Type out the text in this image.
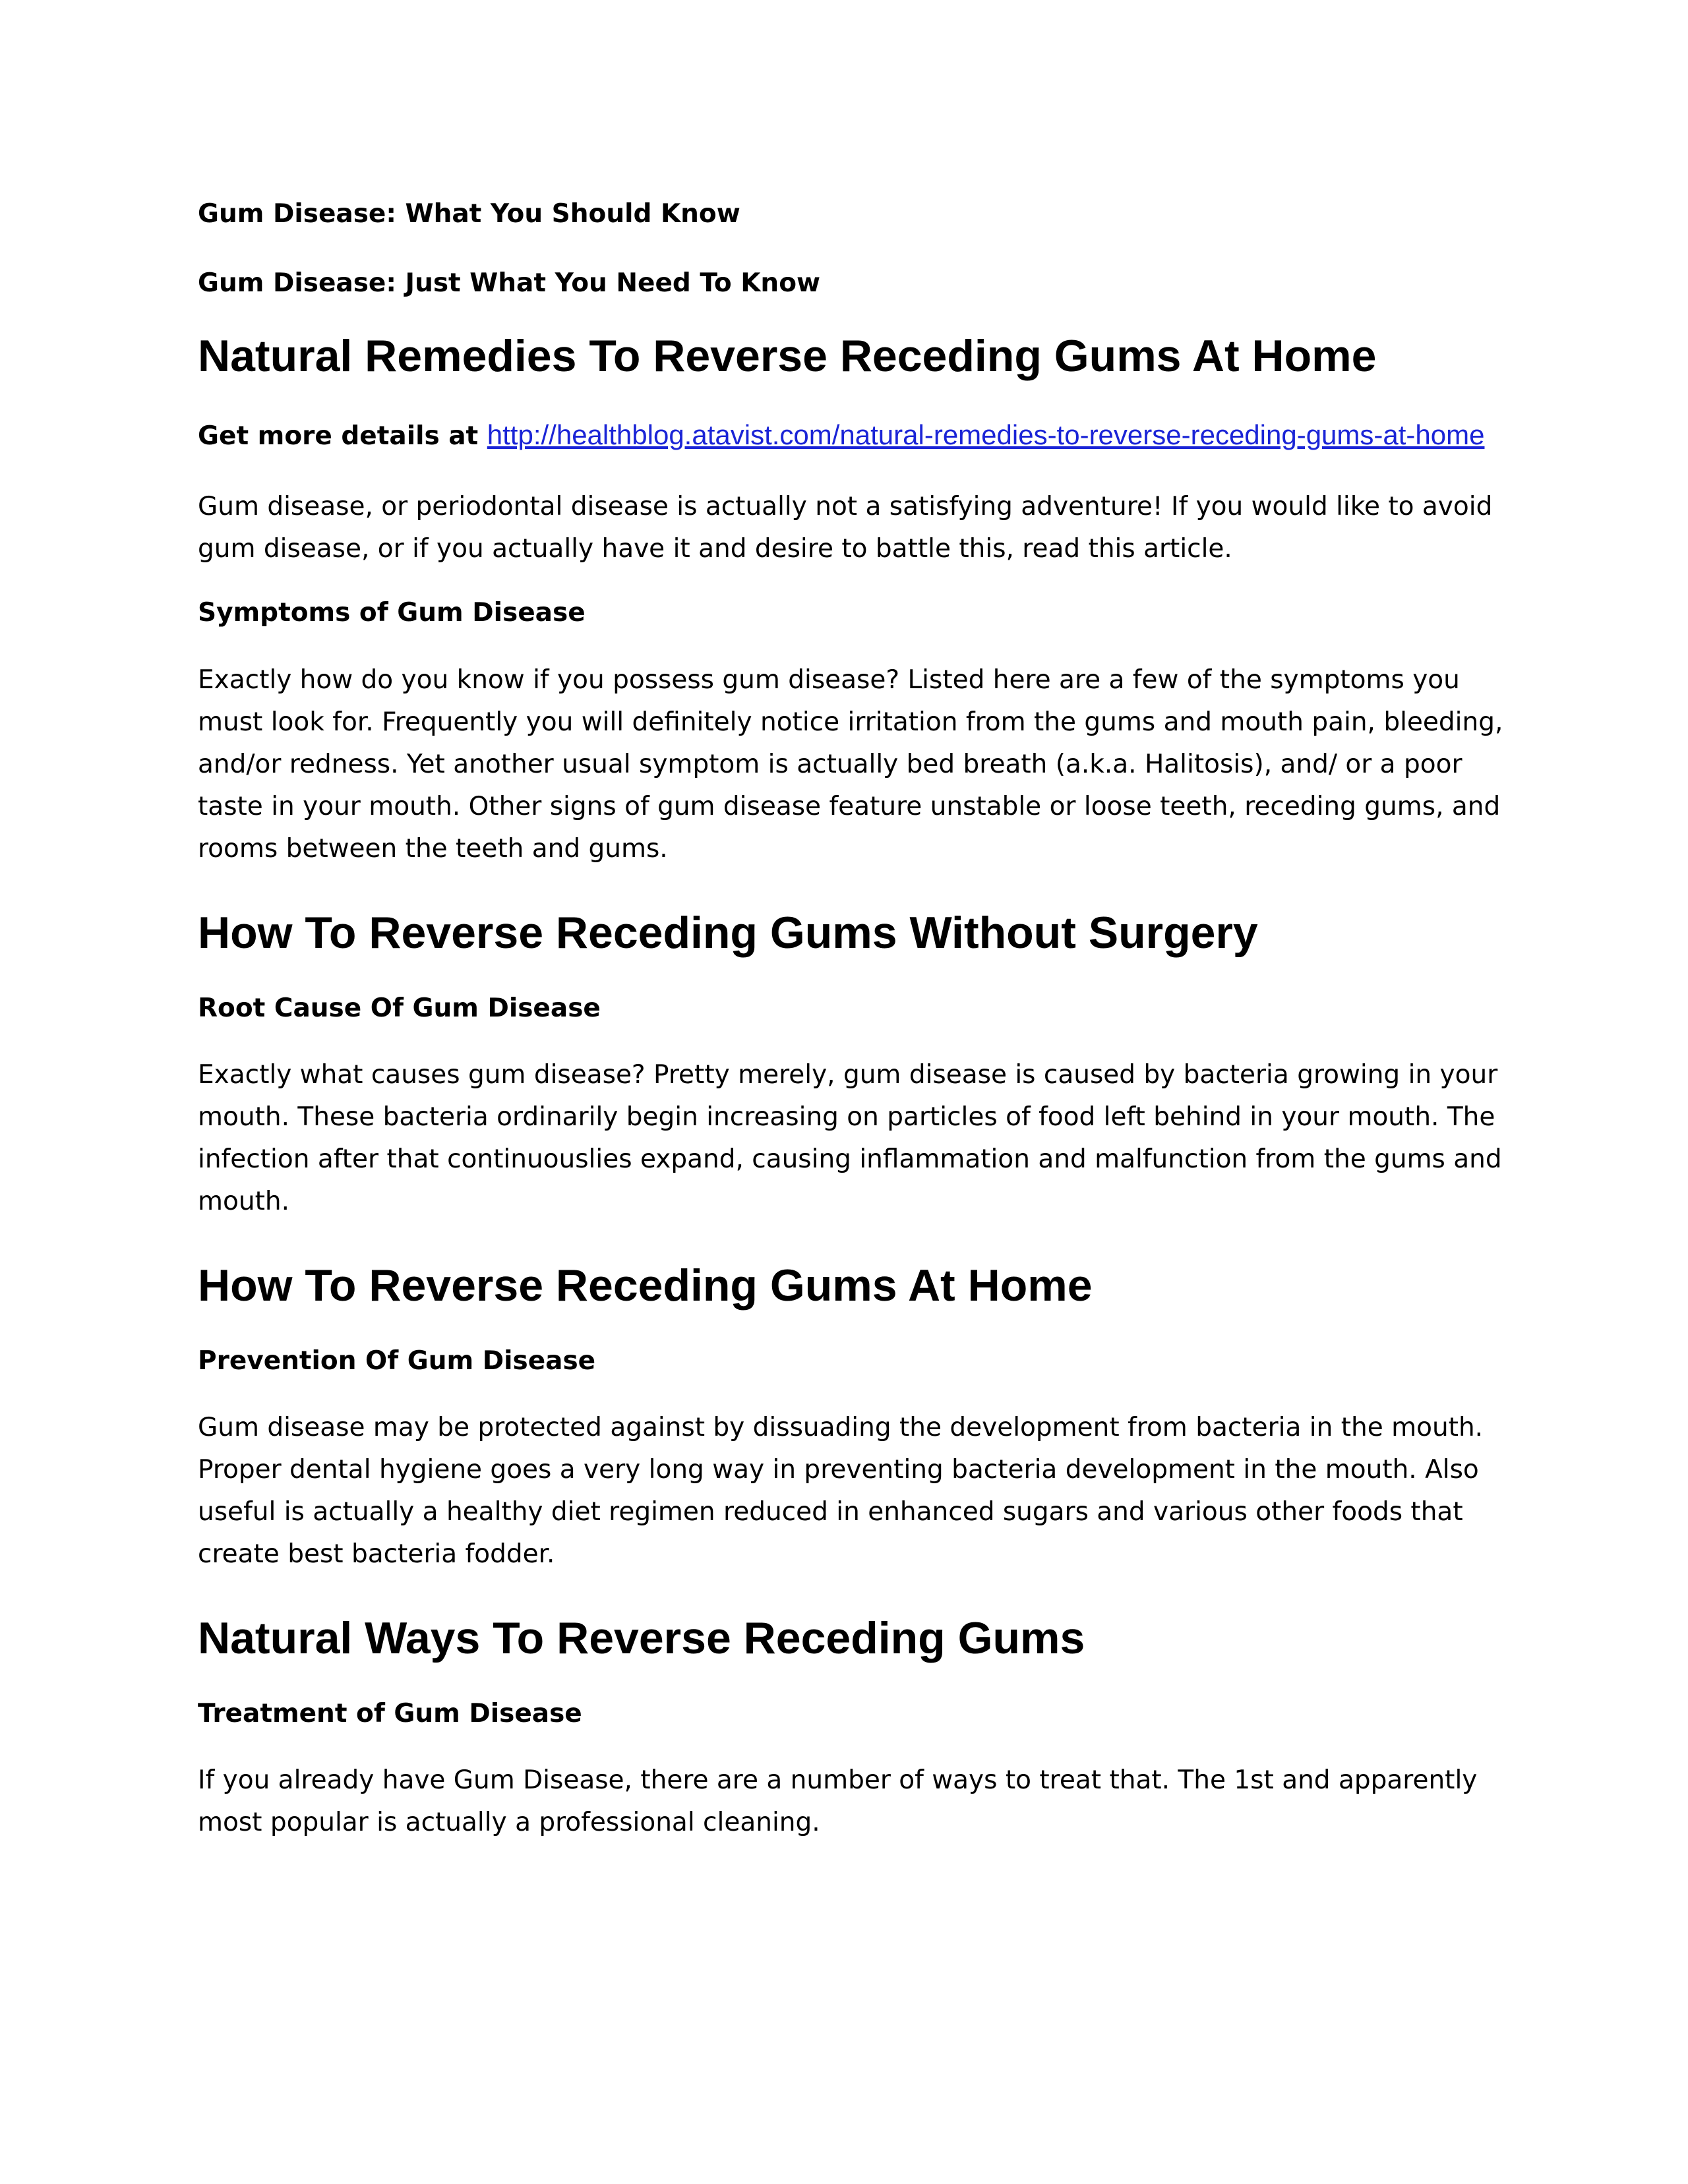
Gum Disease: What You Should Know
Gum Disease: Just What You Need To Know
Natural Remedies To Reverse Receding Gums At Home
Get more details at http://healthblog.atavist.com/natural-remedies-to-reverse-receding-gums-at-home
Gum disease, or periodontal disease is actually not a satisfying adventure! If you would like to avoid gum disease, or if you actually have it and desire to battle this, read this article.
Symptoms of Gum Disease
Exactly how do you know if you possess gum disease? Listed here are a few of the symptoms you must look for. Frequently you will definitely notice irritation from the gums and mouth pain, bleeding, and/or redness. Yet another usual symptom is actually bed breath (a.k.a. Halitosis), and/ or a poor taste in your mouth. Other signs of gum disease feature unstable or loose teeth, receding gums, and rooms between the teeth and gums.
How To Reverse Receding Gums Without Surgery
Root Cause Of Gum Disease
Exactly what causes gum disease? Pretty merely, gum disease is caused by bacteria growing in your mouth. These bacteria ordinarily begin increasing on particles of food left behind in your mouth. The infection after that continuouslies expand, causing inflammation and malfunction from the gums and mouth.
How To Reverse Receding Gums At Home
Prevention Of Gum Disease
Gum disease may be protected against by dissuading the development from bacteria in the mouth. Proper dental hygiene goes a very long way in preventing bacteria development in the mouth. Also useful is actually a healthy diet regimen reduced in enhanced sugars and various other foods that create best bacteria fodder.
Natural Ways To Reverse Receding Gums
Treatment of Gum Disease
If you already have Gum Disease, there are a number of ways to treat that. The 1st and apparently most popular is actually a professional cleaning.
